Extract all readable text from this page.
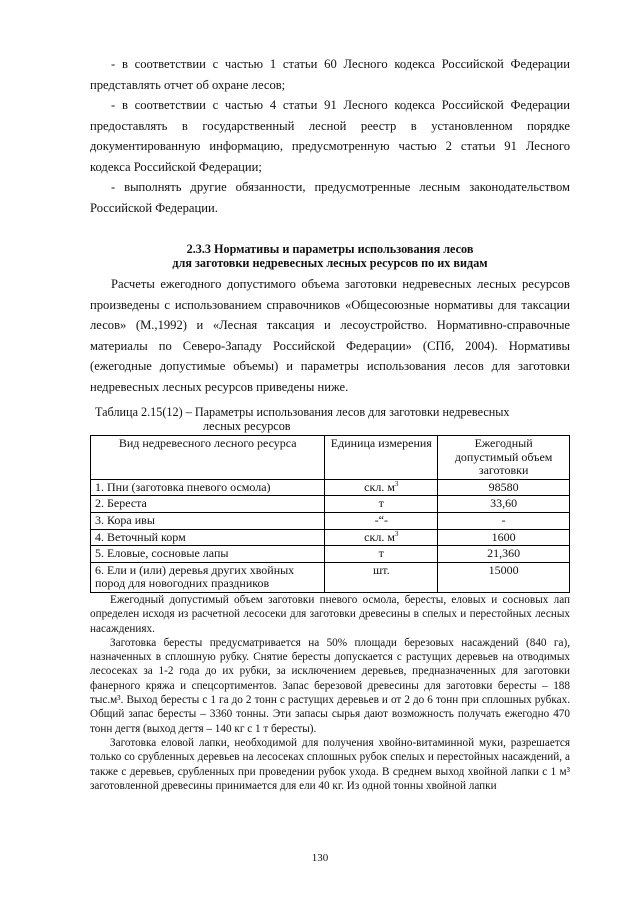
- в соответствии с частью 1 статьи 60 Лесного кодекса Российской Федерации представлять отчет об охране лесов;

- в соответствии с частью 4 статьи 91 Лесного кодекса Российской Федерации предоставлять в государственный лесной реестр в установленном порядке документированную информацию, предусмотренную частью 2 статьи 91 Лесного кодекса Российской Федерации;

- выполнять другие обязанности, предусмотренные лесным законодательством Российской Федерации.

2.3.3 Нормативы и параметры использования лесов
для заготовки недревесных лесных ресурсов по их видам

Расчеты ежегодного допустимого объема заготовки недревесных лесных ресурсов произведены с использованием справочников «Общесоюзные нормативы для таксации лесов» (М.,1992) и «Лесная таксация и лесоустройство. Нормативно-справочные материалы по Северо-Западу Российской Федерации» (СПб, 2004). Нормативы (ежегодные допустимые объемы) и параметры использования лесов для заготовки недревесных лесных ресурсов приведены ниже.

Таблица 2.15(12) – Параметры использования лесов для заготовки недревесных
лесных ресурсов
Вид недревесного лесного ресурса	Единица измерения	Ежегодный допустимый объем заготовки
1. Пни (заготовка пневого осмола)	скл. $м^3$	98580
2. Береста	т	33,60
3. Кора ивы	-“-	-
4. Веточный корм	скл. $м^3$	1600
5. Еловые, сосновые лапы	т	21,360
6. Ели и (или) деревья других хвойных пород для новогодних праздников	шт.	15000

Ежегодный допустимый объем заготовки пневого осмола, бересты, еловых и сосновых лап определен исходя из расчетной лесосеки для заготовки древесины в спелых и перестойных лесных насаждениях.

Заготовка бересты предусматривается на 50% площади березовых насаждений (840 га), назначенных в сплошную рубку. Снятие бересты допускается с растущих деревьев на отводимых лесосеках за 1-2 года до их рубки, за исключением деревьев, предназначенных для заготовки фанерного кряжа и спецсортиментов. Запас березовой древесины для заготовки бересты – 188 тыс.м³. Выход бересты с 1 га до 2 тонн с растущих деревьев и от 2 до 6 тонн при сплошных рубках. Общий запас бересты – 3360 тонны. Эти запасы сырья дают возможность получать ежегодно 470 тонн дегтя (выход дегтя – 140 кг с 1 т бересты).

Заготовка еловой лапки, необходимой для получения хвойно-витаминной муки, разрешается только со срубленных деревьев на лесосеках сплошных рубок спелых и перестойных насаждений, а также с деревьев, срубленных при проведении рубок ухода. В среднем выход хвойной лапки с 1 м³ заготовленной древесины принимается для ели 40 кг. Из одной тонны хвойной лапки

130
